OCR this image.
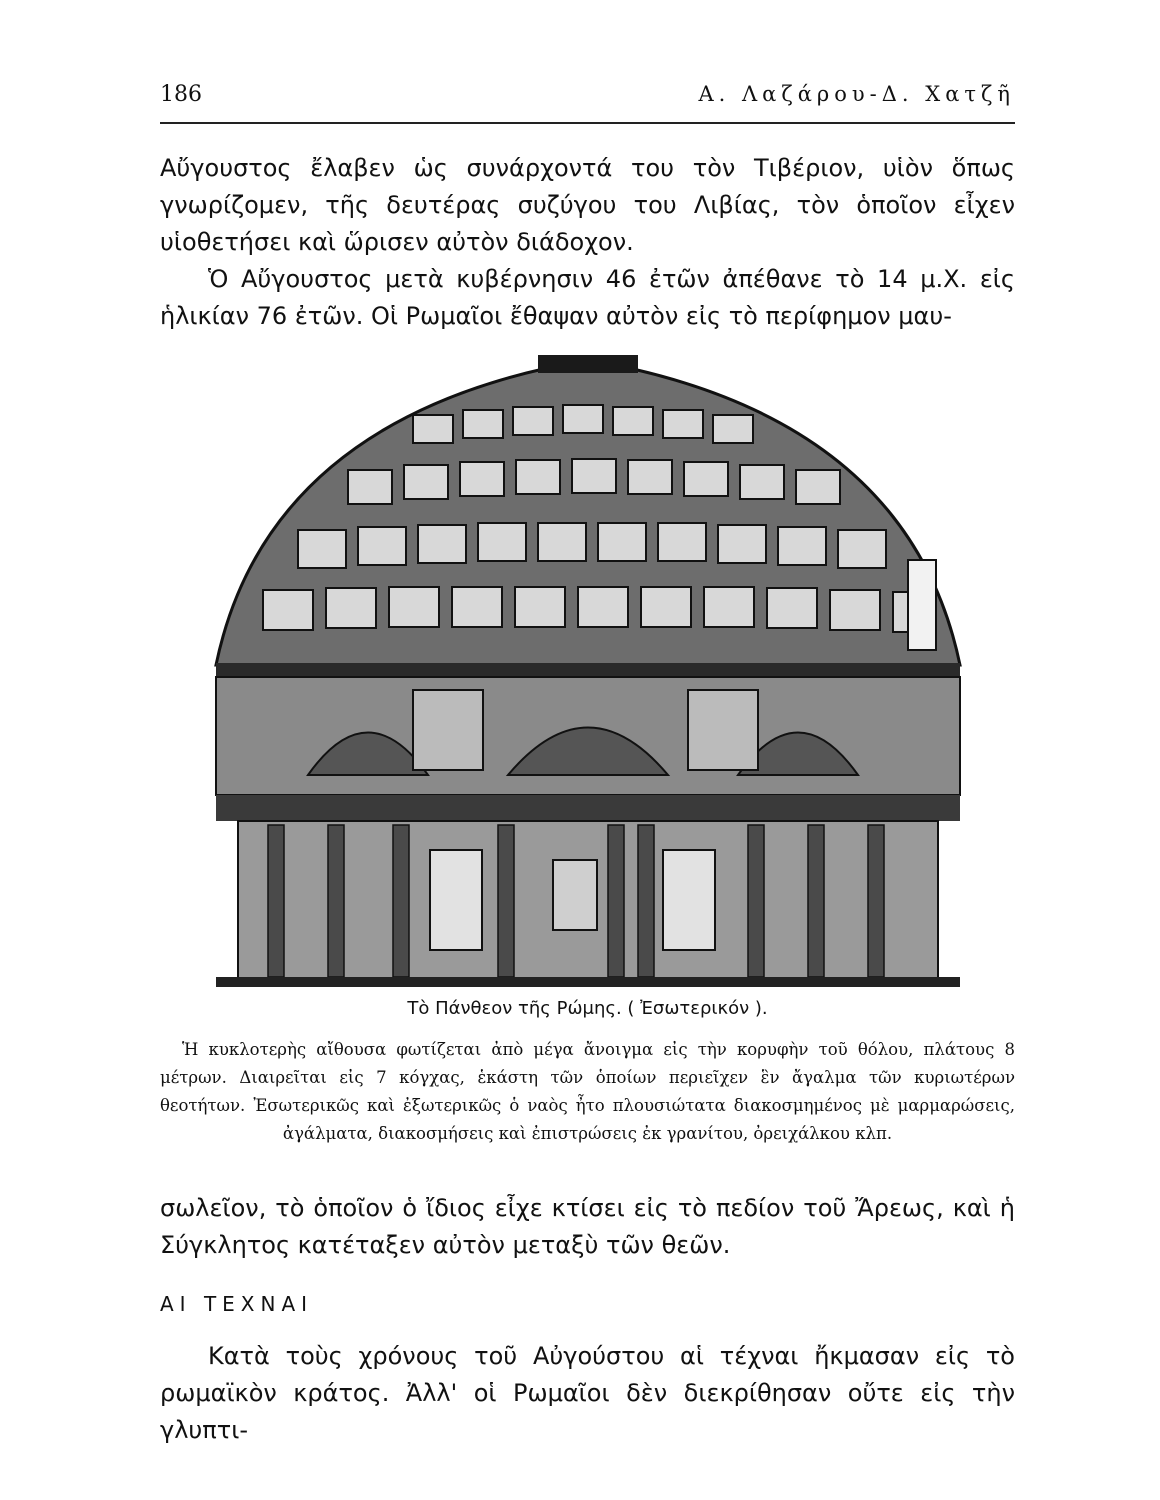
186	Α. Λαζάρου-Δ. Χατζῆ
Αὔγουστος ἔλαβεν ὡς συνάρχοντά του τὸν Τιβέριον, υἱὸν ὅπως γνωρίζομεν, τῆς δευτέρας συζύγου του Λιβίας, τὸν ὁποῖον εἶχεν υἱοθετήσει καὶ ὥρισεν αὐτὸν διάδοχον.
Ὁ Αὔγουστος μετὰ κυβέρνησιν 46 ἐτῶν ἀπέθανε τὸ 14 μ.Χ. εἰς ἡλικίαν 76 ἐτῶν. Οἱ Ρωμαῖοι ἔθαψαν αὐτὸν εἰς τὸ περίφημον μαυ-
Τὸ Πάνθεον τῆς Ρώμης. ( Ἐσωτερικόν ).
Ἡ κυκλοτερὴς αἴθουσα φωτίζεται ἀπὸ μέγα ἄνοιγμα εἰς τὴν κορυφὴν τοῦ θόλου, πλάτους 8 μέτρων. Διαιρεῖται εἰς 7 κόγχας, ἑκάστη τῶν ὁποίων περιεῖχεν ἓν ἄγαλμα τῶν κυριωτέρων θεοτήτων. Ἐσωτερικῶς καὶ ἐξωτερικῶς ὁ ναὸς ἦτο πλουσιώτατα διακοσμημένος μὲ μαρμαρώσεις, ἀγάλματα, διακοσμήσεις καὶ ἐπιστρώσεις ἐκ γρανίτου, ὀρειχάλκου κλπ.
σωλεῖον, τὸ ὁποῖον ὁ ἴδιος εἶχε κτίσει εἰς τὸ πεδίον τοῦ Ἄρεως, καὶ ἡ Σύγκλητος κατέταξεν αὐτὸν μεταξὺ τῶν θεῶν.
ΑΙ ΤΕΧΝΑΙ
Κατὰ τοὺς χρόνους τοῦ Αὐγούστου αἱ τέχναι ἤκμασαν εἰς τὸ ρωμαϊκὸν κράτος. Ἀλλ' οἱ Ρωμαῖοι δὲν διεκρίθησαν οὔτε εἰς τὴν γλυπτι-
